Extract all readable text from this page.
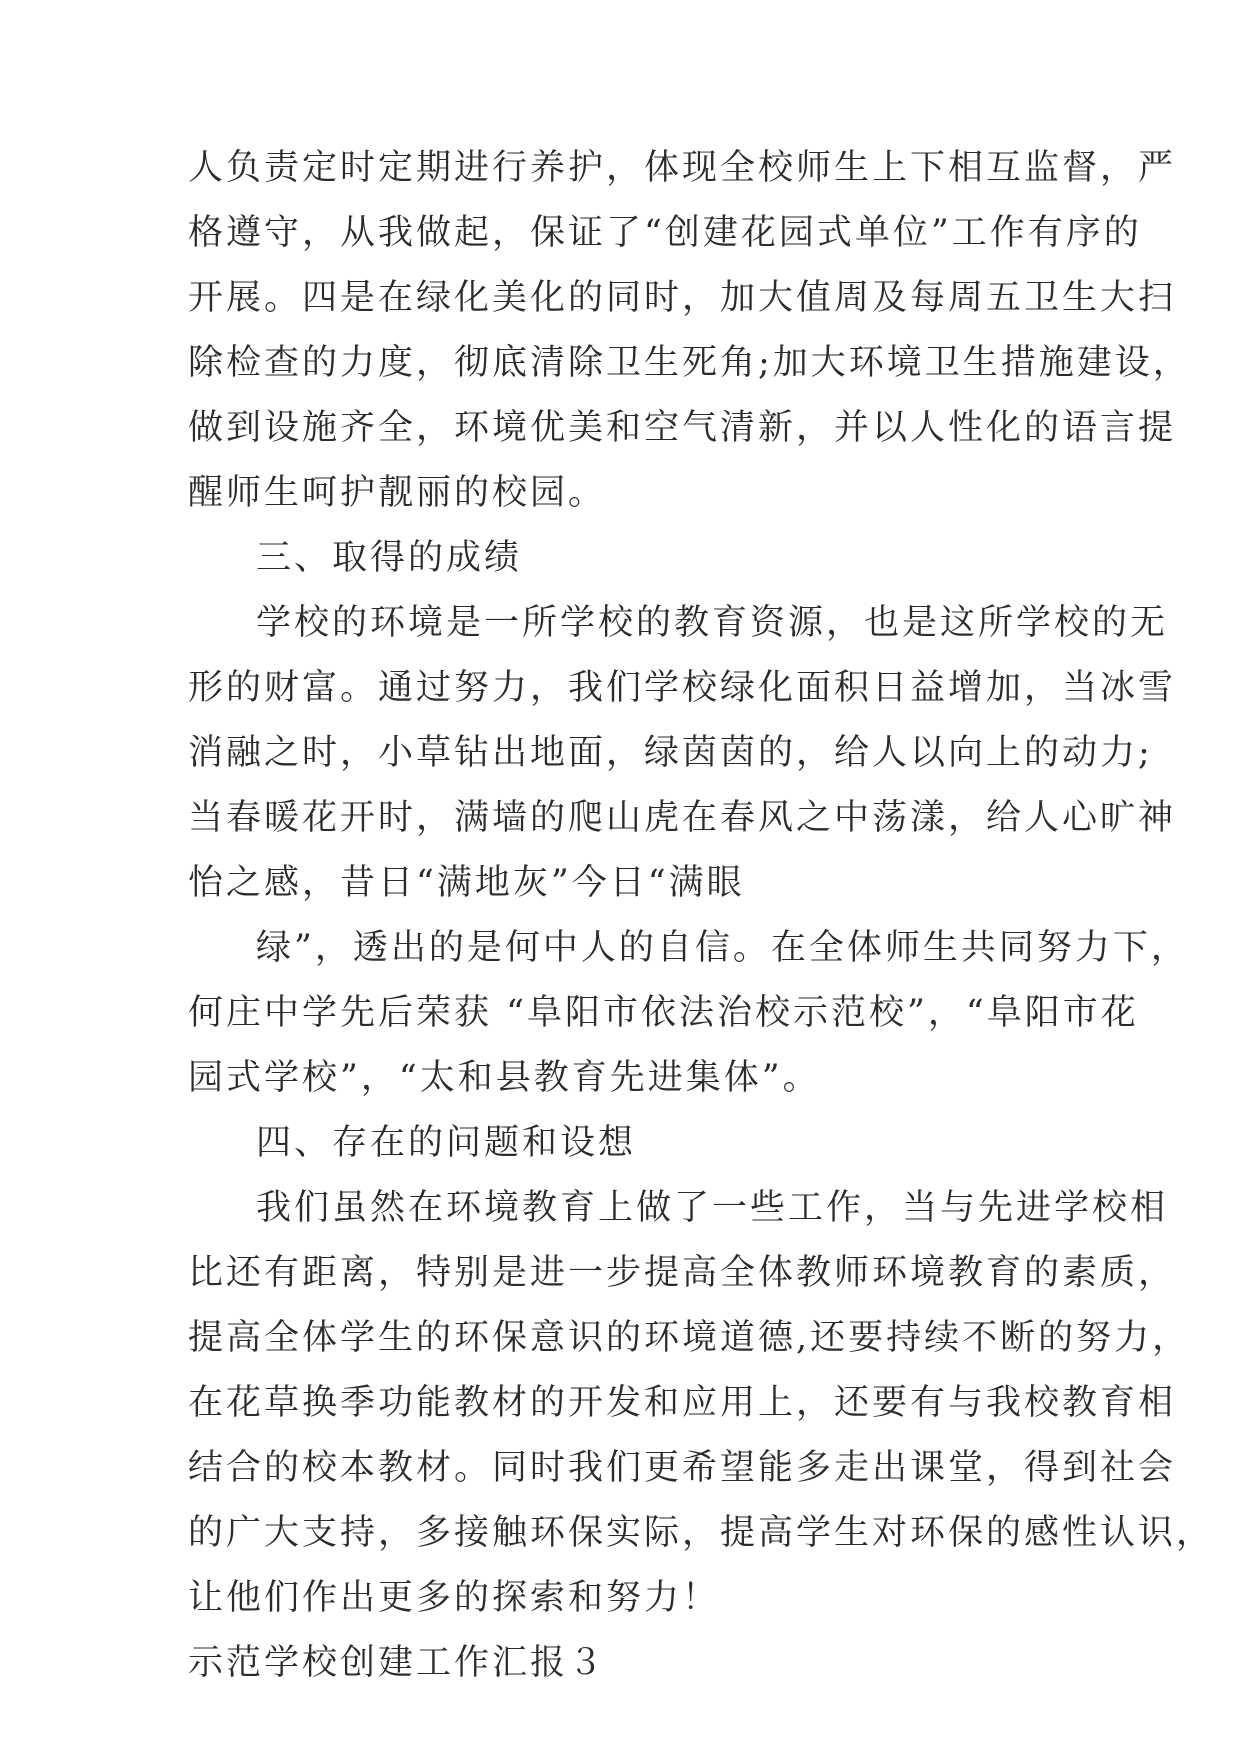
人负责定时定期进行养护，体现全校师生上下相互监督，严
格遵守，从我做起，保证了“创建花园式单位”工作有序的
开展。四是在绿化美化的同时，加大值周及每周五卫生大扫
除检查的力度，彻底清除卫生死角;加大环境卫生措施建设，
做到设施齐全，环境优美和空气清新，并以人性化的语言提
醒师生呵护靓丽的校园。
三、取得的成绩
学校的环境是一所学校的教育资源，也是这所学校的无
形的财富。通过努力，我们学校绿化面积日益增加，当冰雪
消融之时，小草钻出地面，绿茵茵的，给人以向上的动力;
当春暖花开时，满墙的爬山虎在春风之中荡漾，给人心旷神
怡之感，昔日“满地灰”今日“满眼
绿”，透出的是何中人的自信。在全体师生共同努力下，
何庄中学先后荣获 “阜阳市依法治校示范校”，“阜阳市花
园式学校”，“太和县教育先进集体”。
四、存在的问题和设想
我们虽然在环境教育上做了一些工作，当与先进学校相
比还有距离，特别是进一步提高全体教师环境教育的素质，
提高全体学生的环保意识的环境道德,还要持续不断的努力，
在花草换季功能教材的开发和应用上，还要有与我校教育相
结合的校本教材。同时我们更希望能多走出课堂，得到社会
的广大支持，多接触环保实际，提高学生对环保的感性认识，
让他们作出更多的探索和努力！
示范学校创建工作汇报３
